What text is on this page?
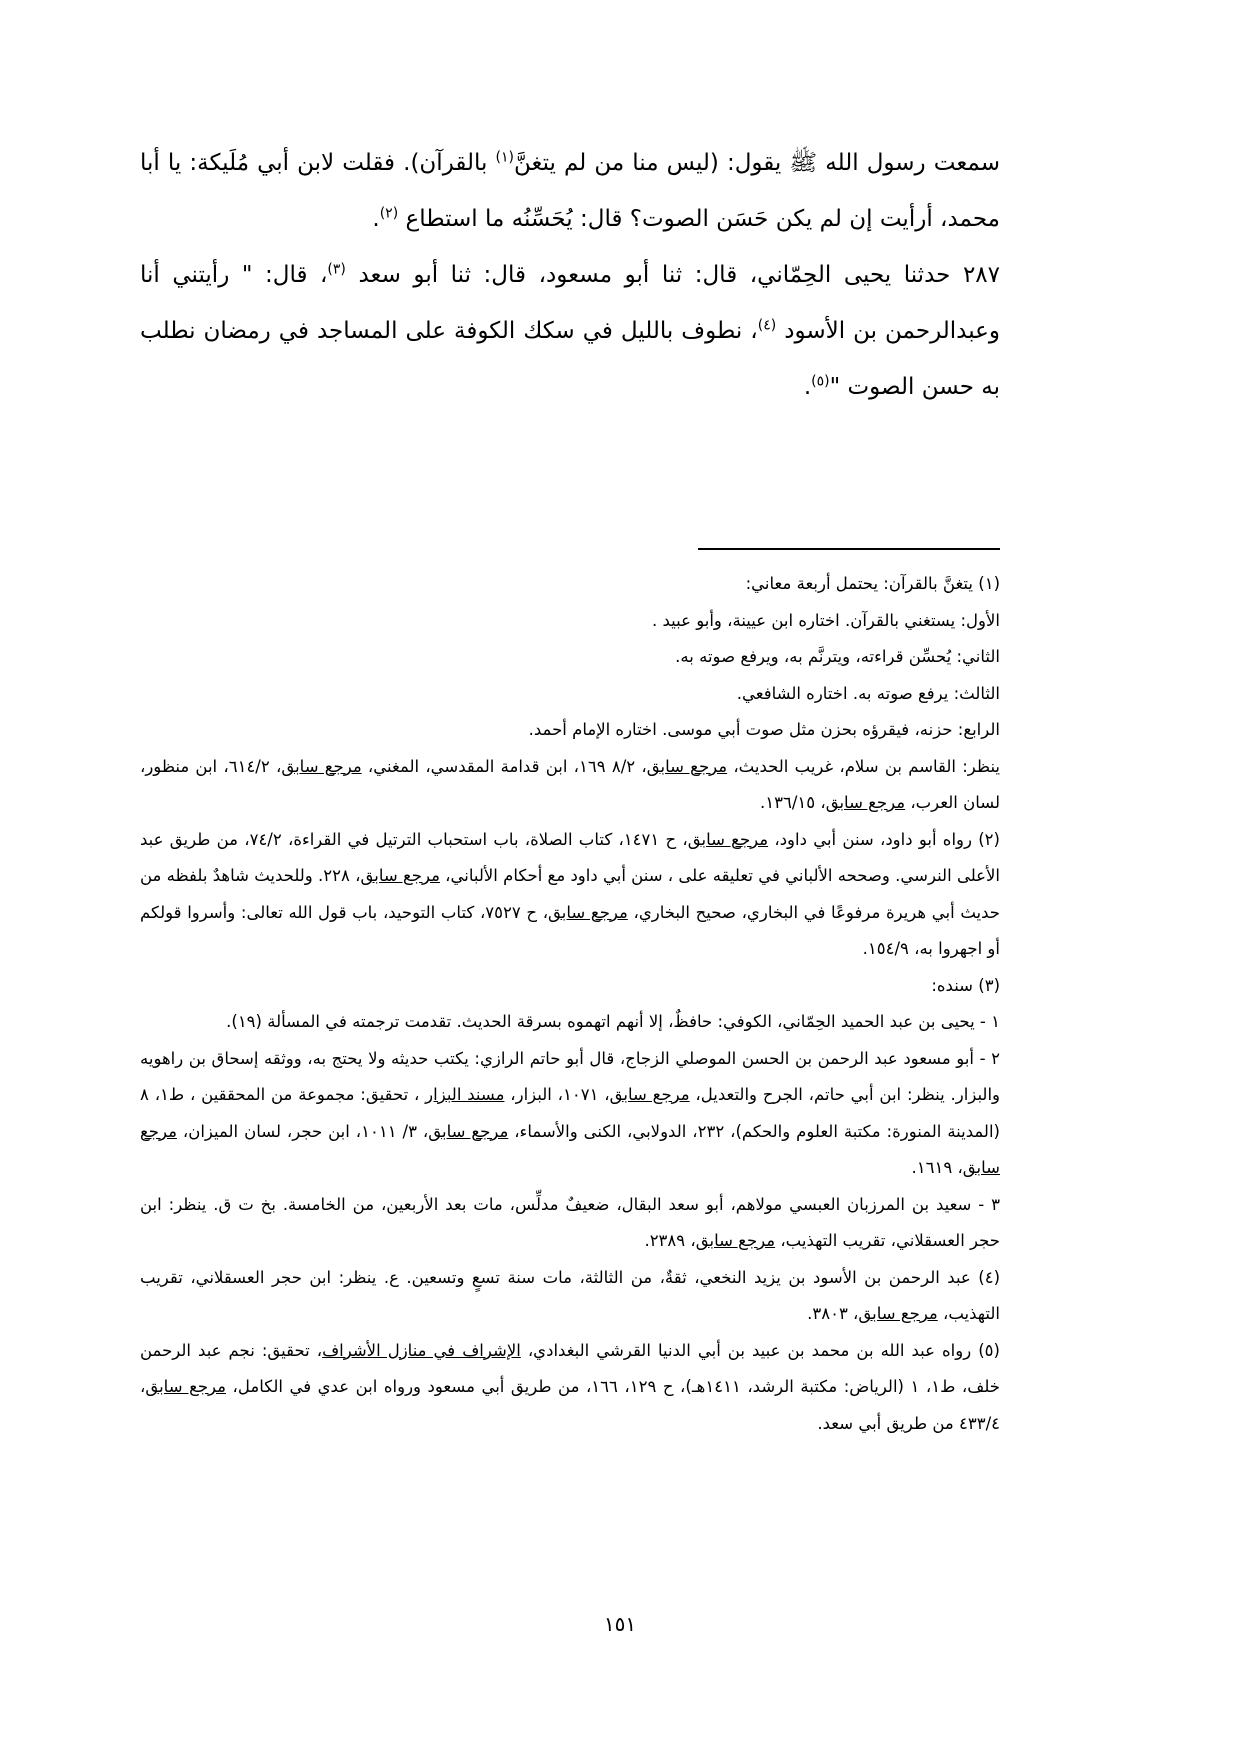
سمعت رسول الله ﷺ يقول: (ليس منا من لم يتغنَّ$^{(١)}$ بالقرآن). فقلت لابن أبي مُلَيكة: يا أبا محمد، أرأيت إن لم يكن حَسَن الصوت؟ قال: يُحَسِّنُه ما استطاع $^{(٢)}$.

٢٨٧ حدثنا يحيى الحِمّاني، قال: ثنا أبو مسعود، قال: ثنا أبو سعد $^{(٣)}$، قال: " رأيتني أنا وعبدالرحمن بن الأسود $^{(٤)}$، نطوف بالليل في سكك الكوفة على المساجد في رمضان نطلب به حسن الصوت "$^{(٥)}$.

(١) يتغنَّ بالقرآن: يحتمل أربعة معاني:

الأول: يستغني بالقرآن. اختاره ابن عيينة، وأبو عبيد .

الثاني: يُحسِّن قراءته، ويترنَّم به، ويرفع صوته به.

الثالث: يرفع صوته به. اختاره الشافعي.

الرابع: حزنه، فيقرؤه بحزن مثل صوت أبي موسى. اختاره الإمام أحمد.

ينظر: القاسم بن سلام، غريب الحديث، مرجع سابق، ٨/٢ ١٦٩، ابن قدامة المقدسي، المغني، مرجع سابق، ٦١٤/٢، ابن منظور، لسان العرب، مرجع سابق، ١٣٦/١٥.

(٢) رواه أبو داود، سنن أبي داود، مرجع سابق، ح ١٤٧١، كتاب الصلاة، باب استحباب الترتيل في القراءة، ٧٤/٢، من طريق عبد الأعلى النرسي. وصححه الألباني في تعليقه على ، سنن أبي داود مع أحكام الألباني، مرجع سابق، ٢٢٨. وللحديث شاهدٌ بلفظه من حديث أبي هريرة مرفوعًا في البخاري، صحيح البخاري، مرجع سابق، ح ٧٥٢٧، كتاب التوحيد، باب قول الله تعالى: وأسروا قولكم أو اجهروا به، ١٥٤/٩.

(٣) سنده:

١ - يحيى بن عبد الحميد الحِمّاني، الكوفي: حافظٌ، إلا أنهم اتهموه بسرقة الحديث. تقدمت ترجمته في المسألة (١٩).

٢ - أبو مسعود عبد الرحمن بن الحسن الموصلي الزجاج، قال أبو حاتم الرازي: يكتب حديثه ولا يحتج به، ووثقه إسحاق بن راهويه والبزار. ينظر: ابن أبي حاتم، الجرح والتعديل، مرجع سابق، ١٠٧١، البزار، مسند البزار ، تحقيق: مجموعة من المحققين ، ط١، ٨ (المدينة المنورة: مكتبة العلوم والحكم)، ٢٣٢، الدولابي، الكنى والأسماء، مرجع سابق، ٣/ ١٠١١، ابن حجر، لسان الميزان، مرجع سابق، ١٦١٩.

٣ - سعيد بن المرزبان العبسي مولاهم، أبو سعد البقال، ضعيفٌ مدلِّس، مات بعد الأربعين، من الخامسة. بخ ت ق. ينظر: ابن حجر العسقلاني، تقريب التهذيب، مرجع سابق، ٢٣٨٩.

(٤) عبد الرحمن بن الأسود بن يزيد النخعي، ثقةٌ، من الثالثة، مات سنة تسعٍ وتسعين. ع. ينظر: ابن حجر العسقلاني، تقريب التهذيب، مرجع سابق، ٣٨٠٣.

(٥) رواه عبد الله بن محمد بن عبيد بن أبي الدنيا القرشي البغدادي، الإشراف في منازل الأشراف، تحقيق: نجم عبد الرحمن خلف، ط١، ١ (الرياض: مكتبة الرشد، ١٤١١هـ)، ح ١٢٩، ١٦٦، من طريق أبي مسعود ورواه ابن عدي في الكامل، مرجع سابق، ٤٣٣/٤ من طريق أبي سعد.

١٥١
